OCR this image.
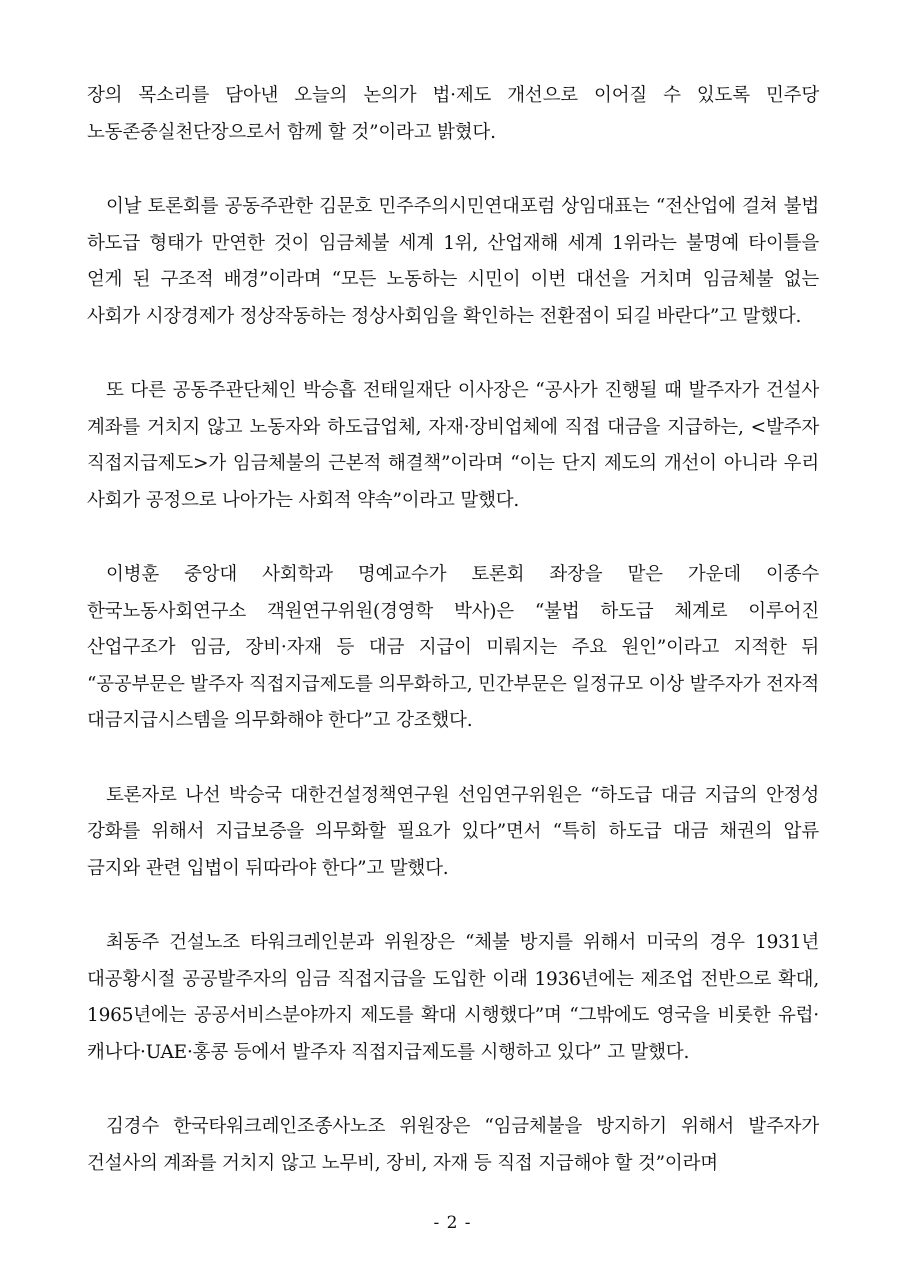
장의 목소리를 담아낸 오늘의 논의가 법·제도 개선으로 이어질 수 있도록 민주당 노동존중실천단장으로서 함께 할 것”이라고 밝혔다.

이날 토론회를 공동주관한 김문호 민주주의시민연대포럼 상임대표는 “전산업에 걸쳐 불법 하도급 형태가 만연한 것이 임금체불 세계 1위, 산업재해 세계 1위라는 불명예 타이틀을 얻게 된 구조적 배경”이라며 “모든 노동하는 시민이 이번 대선을 거치며 임금체불 없는 사회가 시장경제가 정상작동하는 정상사회임을 확인하는 전환점이 되길 바란다”고 말했다.

또 다른 공동주관단체인 박승흡 전태일재단 이사장은 “공사가 진행될 때 발주자가 건설사 계좌를 거치지 않고 노동자와 하도급업체, 자재·장비업체에 직접 대금을 지급하는, <발주자 직접지급제도>가 임금체불의 근본적 해결책”이라며 “이는 단지 제도의 개선이 아니라 우리 사회가 공정으로 나아가는 사회적 약속”이라고 말했다.

이병훈 중앙대 사회학과 명예교수가 토론회 좌장을 맡은 가운데 이종수 한국노동사회연구소 객원연구위원(경영학 박사)은 “불법 하도급 체계로 이루어진 산업구조가 임금, 장비·자재 등 대금 지급이 미뤄지는 주요 원인”이라고 지적한 뒤 “공공부문은 발주자 직접지급제도를 의무화하고, 민간부문은 일정규모 이상 발주자가 전자적 대금지급시스템을 의무화해야 한다”고 강조했다.

토론자로 나선 박승국 대한건설정책연구원 선임연구위원은 “하도급 대금 지급의 안정성 강화를 위해서 지급보증을 의무화할 필요가 있다”면서 “특히 하도급 대금 채권의 압류 금지와 관련 입법이 뒤따라야 한다”고 말했다.

최동주 건설노조 타워크레인분과 위원장은 “체불 방지를 위해서 미국의 경우 1931년 대공황시절 공공발주자의 임금 직접지급을 도입한 이래 1936년에는 제조업 전반으로 확대, 1965년에는 공공서비스분야까지 제도를 확대 시행했다”며 “그밖에도 영국을 비롯한 유럽·캐나다·UAE·홍콩 등에서 발주자 직접지급제도를 시행하고 있다” 고 말했다.

김경수 한국타워크레인조종사노조 위원장은 “임금체불을 방지하기 위해서 발주자가 건설사의 계좌를 거치지 않고 노무비, 장비, 자재 등 직접 지급해야 할 것”이라며

- 2 -
